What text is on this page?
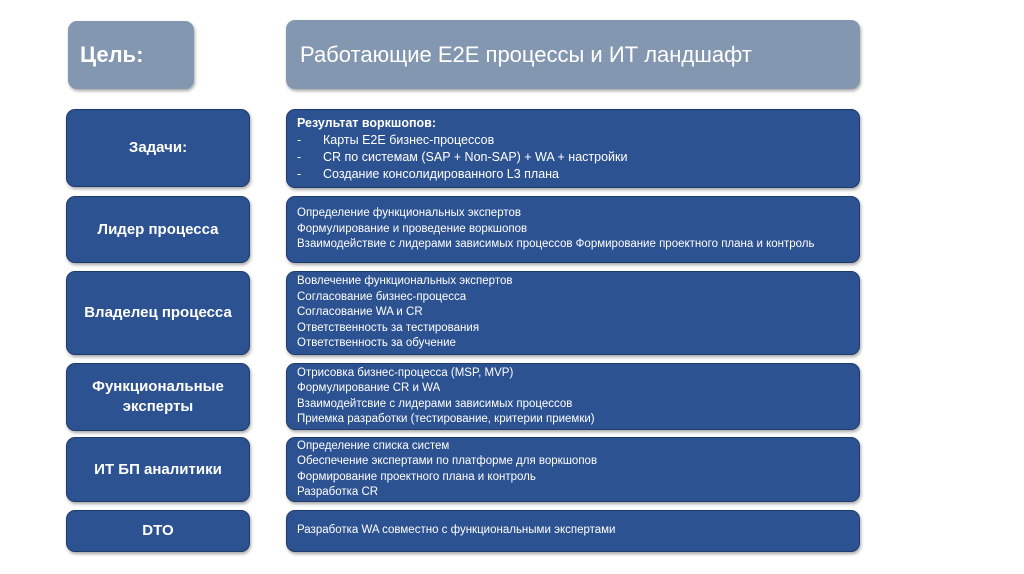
Цель:	Работающие E2E процессы и ИТ ландшафт
Задачи:
Результат воркшопов:
- Карты E2E бизнес-процессов
- CR по системам (SAP + Non-SAP) + WA + настройки
- Создание консолидированного L3 плана
Лидер процесса
Определение функциональных экспертов
Формулирование и проведение воркшопов
Взаимодействие с лидерами зависимых процессов Формирование проектного плана и контроль
Владелец процесса
Вовлечение функциональных экспертов
Согласование бизнес-процесса
Согласование WA и CR
Ответственность за тестирования
Ответственность за обучение
Функциональные
эксперты
Отрисовка бизнес-процесса (MSP, MVP)
Формулирование CR и WA
Взаимодейтсвие с лидерами зависимых процессов
Приемка разработки (тестирование, критерии приемки)
ИТ БП аналитики
Определение списка систем
Обеспечение экспертами по платформе для воркшопов
Формирование проектного плана и контроль
Разработка CR
DTO	Разработка WA совместно с функциональными экспертами
